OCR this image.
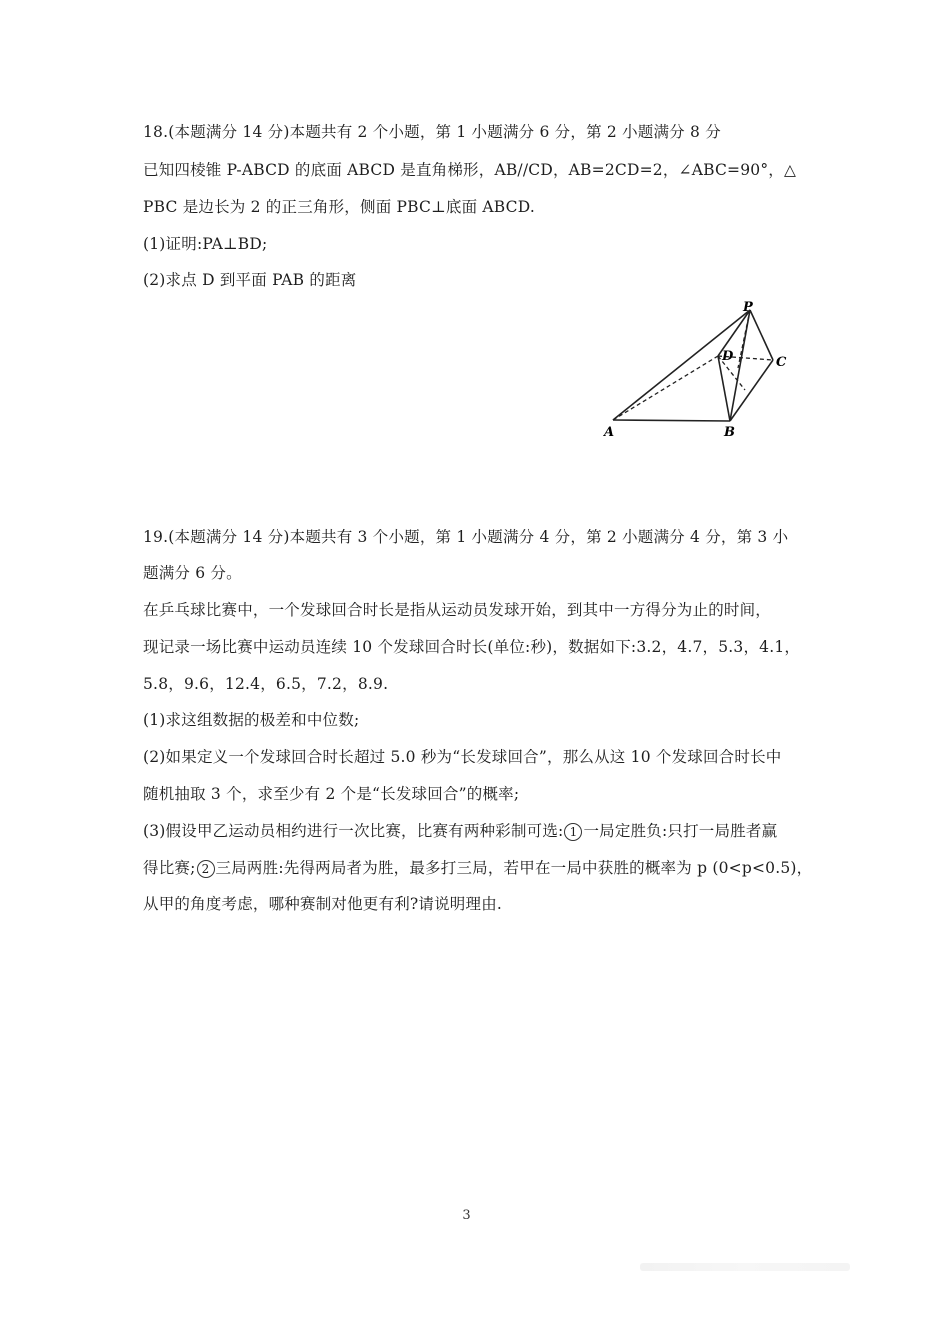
18.(本题满分 14 分)本题共有 2 个小题，第 1 小题满分 6 分，第 2 小题满分 8 分
已知四棱锥 P-ABCD 的底面 ABCD 是直角梯形，AB//CD，AB=2CD=2，∠ABC=90°，△
PBC 是边长为 2 的正三角形，侧面 PBC⊥底面 ABCD.
(1)证明:PA⊥BD;
(2)求点 D 到平面 PAB 的距离
P
D	C
A	B
19.(本题满分 14 分)本题共有 3 个小题，第 1 小题满分 4 分，第 2 小题满分 4 分，第 3 小
题满分 6 分。
在乒乓球比赛中，一个发球回合时长是指从运动员发球开始，到其中一方得分为止的时间，
现记录一场比赛中运动员连续 10 个发球回合时长(单位:秒)，数据如下:3.2，4.7，5.3，4.1，
5.8，9.6，12.4，6.5，7.2，8.9.
(1)求这组数据的极差和中位数;
(2)如果定义一个发球回合时长超过 5.0 秒为“长发球回合”，那么从这 10 个发球回合时长中
随机抽取 3 个，求至少有 2 个是“长发球回合”的概率;
(3)假设甲乙运动员相约进行一次比赛，比赛有两种彩制可选: 1 一局定胜负:只打一局胜者赢
得比赛; 2 三局两胜:先得两局者为胜，最多打三局，若甲在一局中获胜的概率为 p (0<p<0.5)，
从甲的角度考虑，哪种赛制对他更有利?请说明理由.
3
